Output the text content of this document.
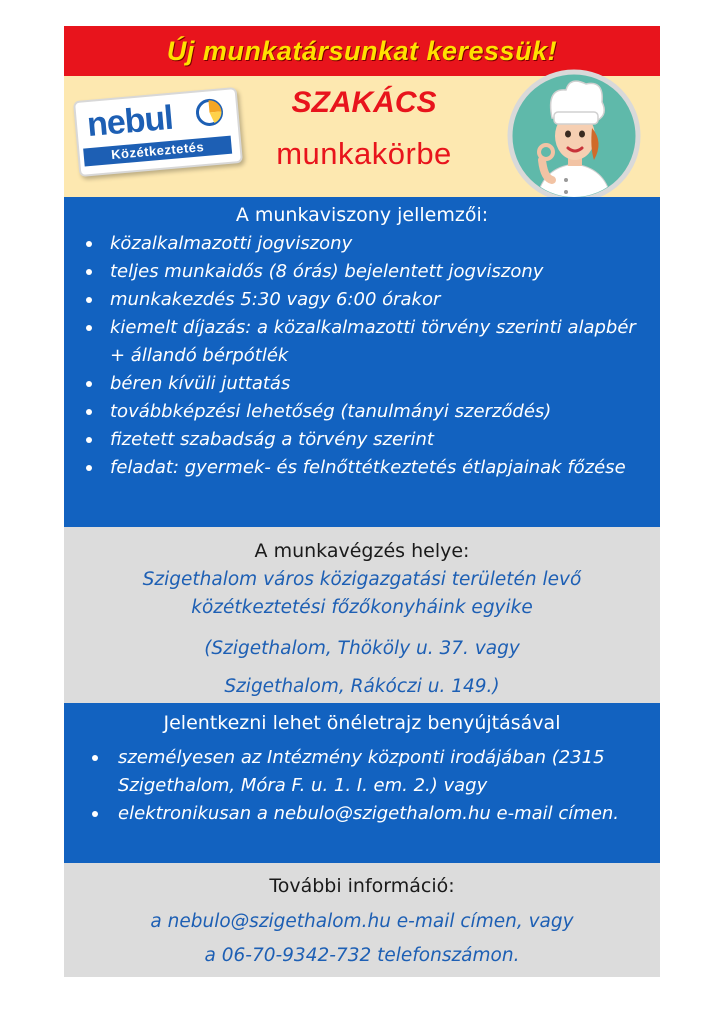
Új munkatársunkat keressük!
nebul
Közétkeztetés
SZAKÁCS
munkakörbe
A munkaviszony jellemzői:
közalkalmazotti jogviszony
teljes munkaidős (8 órás) bejelentett jogviszony
munkakezdés 5:30 vagy 6:00 órakor
kiemelt díjazás: a közalkalmazotti törvény szerinti alapbér + állandó bérpótlék
béren kívüli juttatás
továbbképzési lehetőség (tanulmányi szerződés)
fizetett szabadság a törvény szerint
feladat: gyermek- és felnőttétkeztetés étlapjainak főzése
A munkavégzés helye:
Szigethalom város közigazgatási területén levő
közétkeztetési főzőkonyháink egyike
(Szigethalom, Thököly u. 37. vagy
Szigethalom, Rákóczi u. 149.)
Jelentkezni lehet önéletrajz benyújtásával
személyesen az Intézmény központi irodájában (2315 Szigethalom, Móra F. u. 1. I. em. 2.) vagy
elektronikusan a nebulo@szigethalom.hu e-mail címen.
További információ:
a nebulo@szigethalom.hu e-mail címen, vagy
a 06-70-9342-732 telefonszámon.
